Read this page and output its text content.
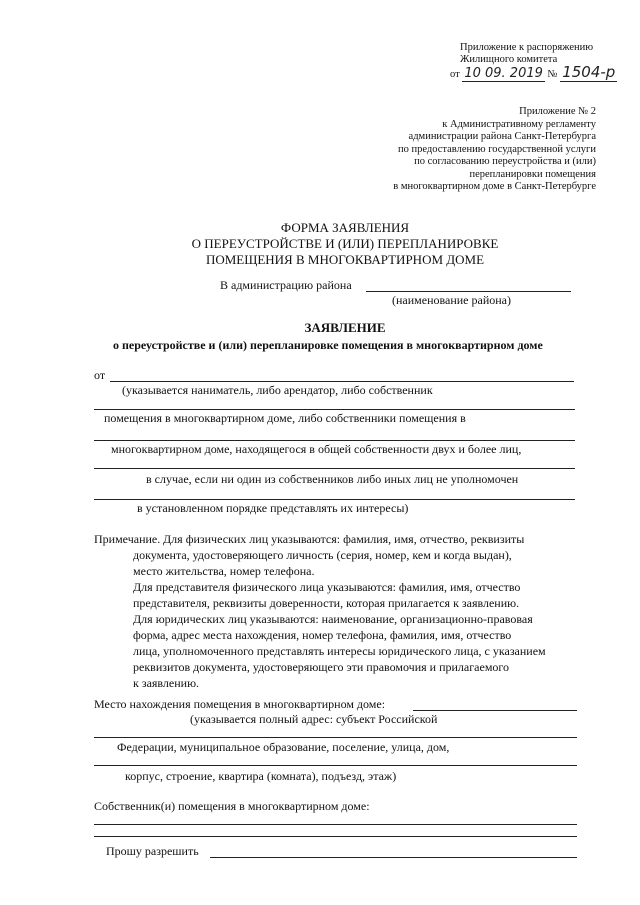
Приложение к распоряжению
Жилищного комитета
от 10 09. 2019 № 1504-р
Приложение № 2
к Административному регламенту
администрации района Санкт-Петербурга
по предоставлению государственной услуги
по согласованию переустройства и (или)
перепланировки помещения
в многоквартирном доме в Санкт-Петербурге
ФОРМА ЗАЯВЛЕНИЯ
О ПЕРЕУСТРОЙСТВЕ И (ИЛИ) ПЕРЕПЛАНИРОВКЕ
ПОМЕЩЕНИЯ В МНОГОКВАРТИРНОМ ДОМЕ
В администрацию района
(наименование района)
ЗАЯВЛЕНИЕ
о переустройстве и (или) перепланировке помещения в многоквартирном доме
от
(указывается наниматель, либо арендатор, либо собственник
помещения в многоквартирном доме, либо собственники помещения в
многоквартирном доме, находящегося в общей собственности двух и более лиц,
в случае, если ни один из собственников либо иных лиц не уполномочен
в установленном порядке представлять их интересы)
Примечание. Для физических лиц указываются: фамилия, имя, отчество, реквизиты
документа, удостоверяющего личность (серия, номер, кем и когда выдан),
место жительства, номер телефона.
Для представителя физического лица указываются: фамилия, имя, отчество
представителя, реквизиты доверенности, которая прилагается к заявлению.
Для юридических лиц указываются: наименование, организационно-правовая
форма, адрес места нахождения, номер телефона, фамилия, имя, отчество
лица, уполномоченного представлять интересы юридического лица, с указанием
реквизитов документа, удостоверяющего эти правомочия и прилагаемого
к заявлению.
Место нахождения помещения в многоквартирном доме:
(указывается полный адрес: субъект Российской
Федерации, муниципальное образование, поселение, улица, дом,
корпус, строение, квартира (комната), подъезд, этаж)
Собственник(и) помещения в многоквартирном доме:
Прошу разрешить
